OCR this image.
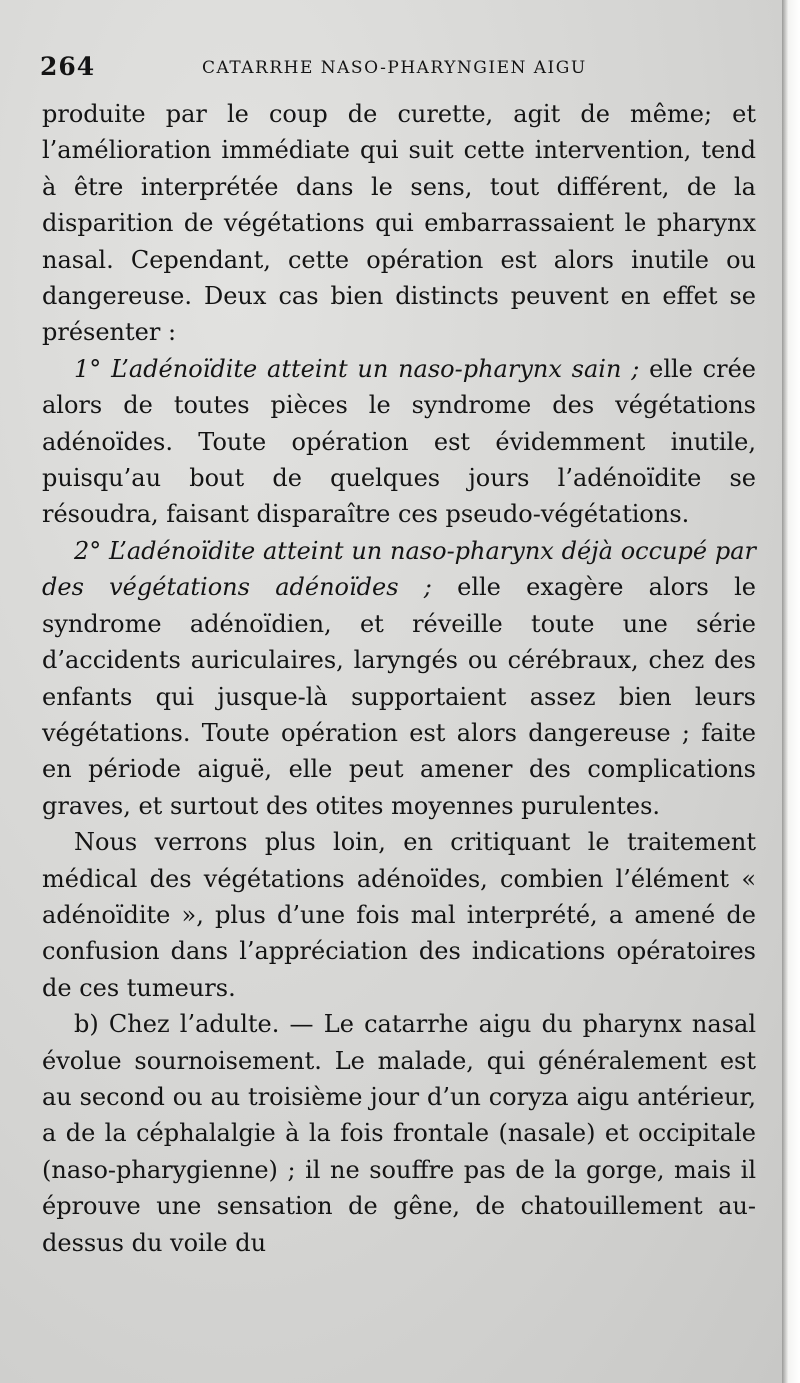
264	CATARRHE NASO-PHARYNGIEN AIGU

produite par le coup de curette, agit de même; et l’amélioration immédiate qui suit cette intervention, tend à être interprétée dans le sens, tout différent, de la disparition de végétations qui embarrassaient le pharynx nasal. Cependant, cette opération est alors inutile ou dangereuse. Deux cas bien distincts peuvent en effet se présenter :

1° L’adénoïdite atteint un naso-pharynx sain ; elle crée alors de toutes pièces le syndrome des végétations adénoïdes. Toute opération est évidemment inutile, puisqu’au bout de quelques jours l’adénoïdite se résoudra, faisant disparaître ces pseudo-végétations.

2° L’adénoïdite atteint un naso-pharynx déjà occupé par des végétations adénoïdes ; elle exagère alors le syndrome adénoïdien, et réveille toute une série d’accidents auriculaires, laryngés ou cérébraux, chez des enfants qui jusque-là supportaient assez bien leurs végétations. Toute opération est alors dangereuse ; faite en période aiguë, elle peut amener des complications graves, et surtout des otites moyennes purulentes.

Nous verrons plus loin, en critiquant le traitement médical des végétations adénoïdes, combien l’élément « adénoïdite », plus d’une fois mal interprété, a amené de confusion dans l’appréciation des indications opératoires de ces tumeurs.

b) Chez l’adulte. — Le catarrhe aigu du pharynx nasal évolue sournoisement. Le malade, qui généralement est au second ou au troisième jour d’un coryza aigu antérieur, a de la céphalalgie à la fois frontale (nasale) et occipitale (naso-pharygienne) ; il ne souffre pas de la gorge, mais il éprouve une sensation de gêne, de chatouillement au-dessus du voile du
